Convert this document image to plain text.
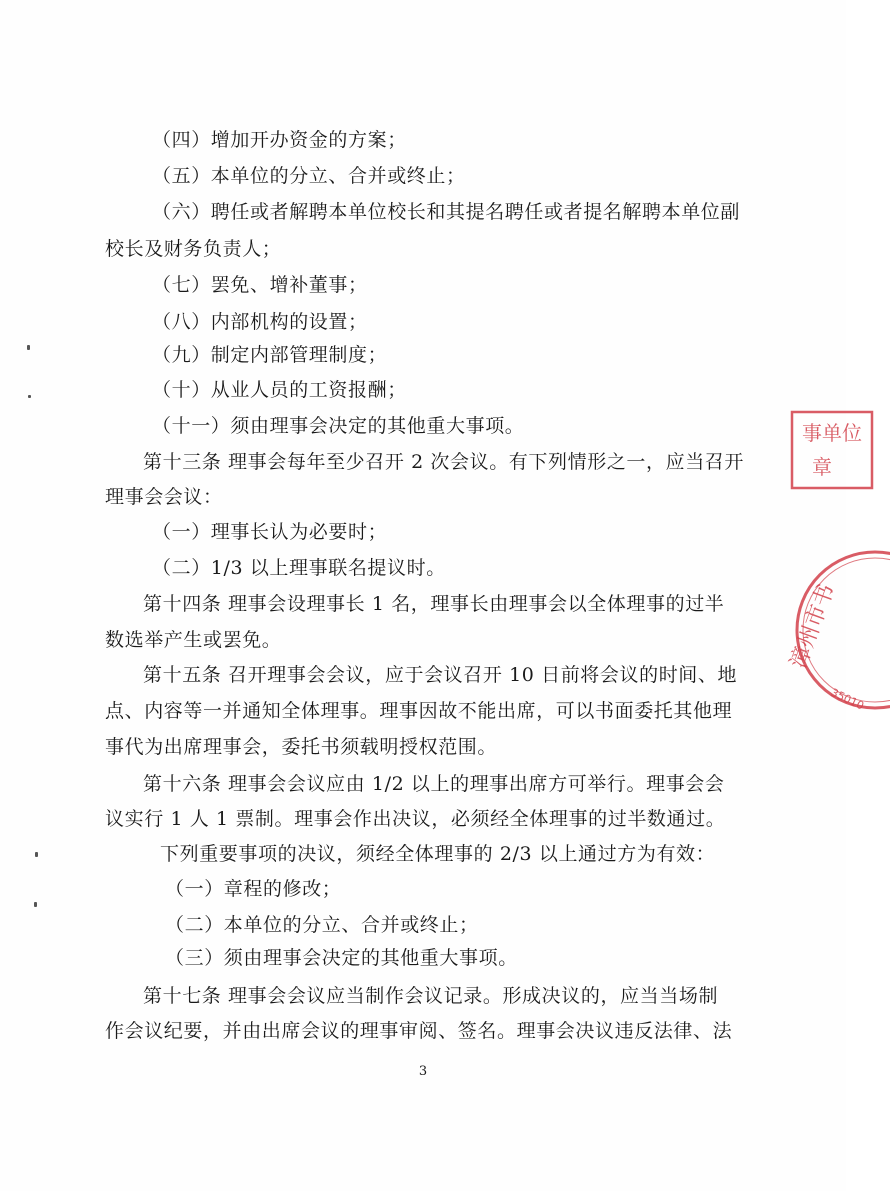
（四）增加开办资金的方案；
（五）本单位的分立、合并或终止；
（六）聘任或者解聘本单位校长和其提名聘任或者提名解聘本单位副
校长及财务负责人；
（七）罢免、增补董事；
（八）内部机构的设置；
（九）制定内部管理制度；
（十）从业人员的工资报酬；
（十一）须由理事会决定的其他重大事项。
第十三条 理事会每年至少召开 2 次会议。有下列情形之一，应当召开
理事会会议：
（一）理事长认为必要时；
（二）1/3 以上理事联名提议时。
第十四条 理事会设理事长 1 名，理事长由理事会以全体理事的过半
数选举产生或罢免。
第十五条 召开理事会会议，应于会议召开 10 日前将会议的时间、地
点、内容等一并通知全体理事。理事因故不能出席，可以书面委托其他理
事代为出席理事会，委托书须载明授权范围。
第十六条 理事会会议应由 1/2 以上的理事出席方可举行。理事会会
议实行 1 人 1 票制。理事会作出决议，必须经全体理事的过半数通过。
下列重要事项的决议，须经全体理事的 2/3 以上通过方为有效：
（一）章程的修改；
（二）本单位的分立、合并或终止；
（三）须由理事会决定的其他重大事项。
第十七条 理事会会议应当制作会议记录。形成决议的，应当当场制
作会议纪要，并由出席会议的理事审阅、签名。理事会决议违反法律、法
3
事单位
章
漳州市书
35010
